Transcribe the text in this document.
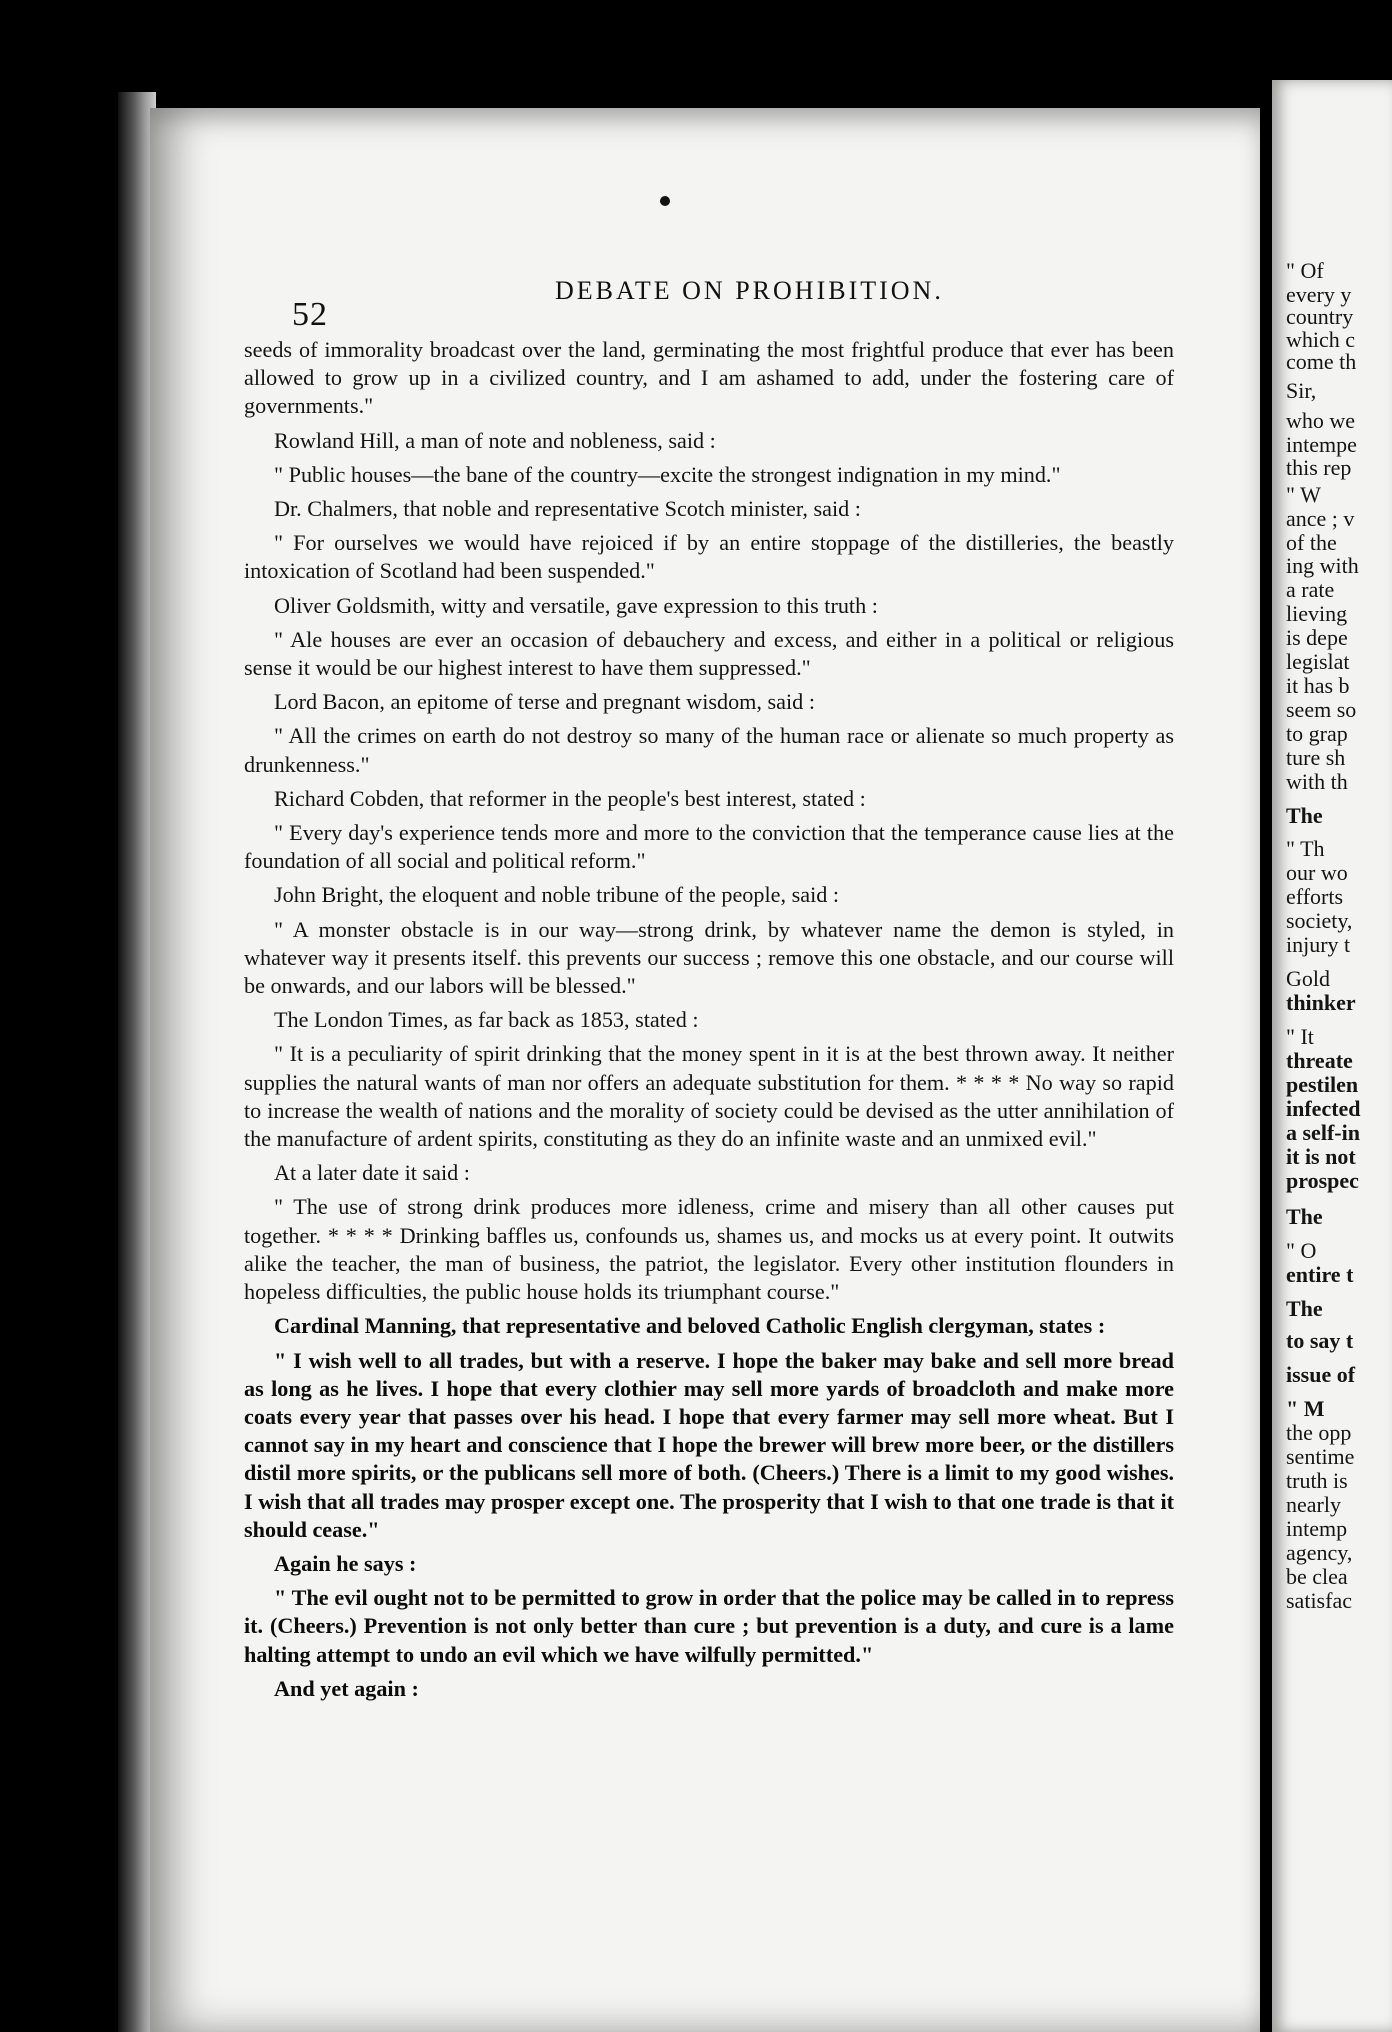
52
DEBATE ON PROHIBITION.

seeds of immorality broadcast over the land, germinating the most frightful produce that ever has been allowed to grow up in a civilized country, and I am ashamed to add, under the fostering care of governments."

Rowland Hill, a man of note and nobleness, said :

" Public houses—the bane of the country—excite the strongest indignation in my mind."

Dr. Chalmers, that noble and representative Scotch minister, said :

" For ourselves we would have rejoiced if by an entire stoppage of the distilleries, the beastly intoxication of Scotland had been suspended."

Oliver Goldsmith, witty and versatile, gave expression to this truth :

" Ale houses are ever an occasion of debauchery and excess, and either in a political or religious sense it would be our highest interest to have them suppressed."

Lord Bacon, an epitome of terse and pregnant wisdom, said :

" All the crimes on earth do not destroy so many of the human race or alienate so much property as drunkenness."

Richard Cobden, that reformer in the people's best interest, stated :

" Every day's experience tends more and more to the conviction that the temperance cause lies at the foundation of all social and political reform."

John Bright, the eloquent and noble tribune of the people, said :

" A monster obstacle is in our way—strong drink, by whatever name the demon is styled, in whatever way it presents itself. this prevents our success ; remove this one obstacle, and our course will be onwards, and our labors will be blessed."

The London Times, as far back as 1853, stated :

" It is a peculiarity of spirit drinking that the money spent in it is at the best thrown away. It neither supplies the natural wants of man nor offers an adequate substitution for them. * * * * No way so rapid to increase the wealth of nations and the morality of society could be devised as the utter annihilation of the manufacture of ardent spirits, constituting as they do an infinite waste and an unmixed evil."

At a later date it said :

" The use of strong drink produces more idleness, crime and misery than all other causes put together. * * * * Drinking baffles us, confounds us, shames us, and mocks us at every point. It outwits alike the teacher, the man of business, the patriot, the legislator. Every other institution flounders in hopeless difficulties, the public house holds its triumphant course."

Cardinal Manning, that representative and beloved Catholic English clergyman, states :

" I wish well to all trades, but with a reserve. I hope the baker may bake and sell more bread as long as he lives. I hope that every clothier may sell more yards of broadcloth and make more coats every year that passes over his head. I hope that every farmer may sell more wheat. But I cannot say in my heart and conscience that I hope the brewer will brew more beer, or the distillers distil more spirits, or the publicans sell more of both. (Cheers.) There is a limit to my good wishes. I wish that all trades may prosper except one. The prosperity that I wish to that one trade is that it should cease."

Again he says :

" The evil ought not to be permitted to grow in order that the police may be called in to repress it. (Cheers.) Prevention is not only better than cure ; but prevention is a duty, and cure is a lame halting attempt to undo an evil which we have wilfully permitted."

And yet again :

" Of
every y
country
which c
come th
Sir,
who we
intempe
this rep
" W
ance ; v
of the
ing with
a rate
lieving
is depe
legislat
it has b
seem so
to grap
ture sh
with th
The
" Th
our wo
efforts
society,
injury t
Gold
thinker
" It
threate
pestilen
infected
a self-in
it is not
prospec
The
" O
entire t
The
to say t
issue of
" M
the opp
sentime
truth is
nearly
intemp
agency,
be clea
satisfac
